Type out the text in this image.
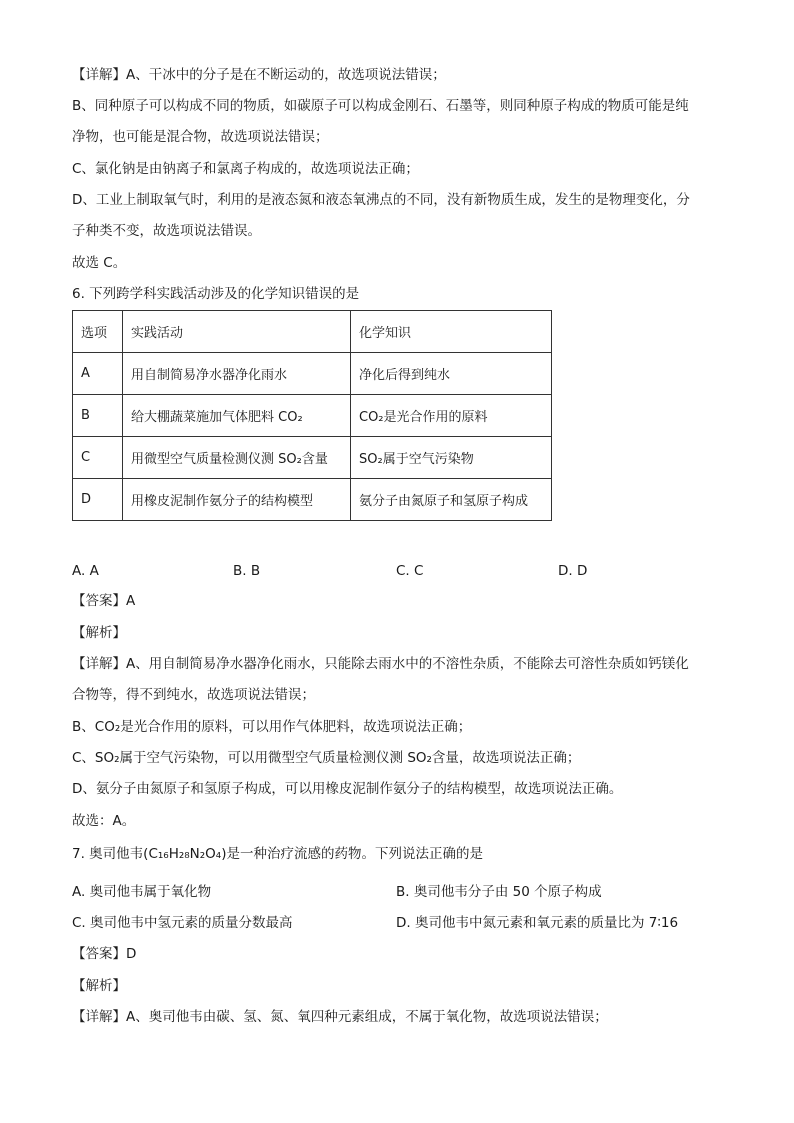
【详解】A、干冰中的分子是在不断运动的，故选项说法错误；
B、同种原子可以构成不同的物质，如碳原子可以构成金刚石、石墨等，则同种原子构成的物质可能是纯
净物，也可能是混合物，故选项说法错误；
C、氯化钠是由钠离子和氯离子构成的，故选项说法正确；
D、工业上制取氧气时，利用的是液态氮和液态氧沸点的不同，没有新物质生成，发生的是物理变化，分
子种类不变，故选项说法错误。
故选 C。
6. 下列跨学科实践活动涉及的化学知识错误的是
选项	实践活动	化学知识
A	用自制简易净水器净化雨水	净化后得到纯水
B	给大棚蔬菜施加气体肥料 CO₂	CO₂是光合作用的原料
C	用微型空气质量检测仪测 SO₂含量	SO₂属于空气污染物
D	用橡皮泥制作氨分子的结构模型	氨分子由氮原子和氢原子构成
A. A	B. B	C. C	D. D
【答案】A
【解析】
【详解】A、用自制简易净水器净化雨水，只能除去雨水中的不溶性杂质，不能除去可溶性杂质如钙镁化
合物等，得不到纯水，故选项说法错误；
B、CO₂是光合作用的原料，可以用作气体肥料，故选项说法正确；
C、SO₂属于空气污染物，可以用微型空气质量检测仪测 SO₂含量，故选项说法正确；
D、氨分子由氮原子和氢原子构成，可以用橡皮泥制作氨分子的结构模型，故选项说法正确。
故选：A。
7. 奥司他韦(C₁₆H₂₈N₂O₄)是一种治疗流感的药物。下列说法正确的是
A. 奥司他韦属于氧化物	B. 奥司他韦分子由 50 个原子构成
C. 奥司他韦中氢元素的质量分数最高	D. 奥司他韦中氮元素和氧元素的质量比为 7∶16
【答案】D
【解析】
【详解】A、奥司他韦由碳、氢、氮、氧四种元素组成，不属于氧化物，故选项说法错误；
